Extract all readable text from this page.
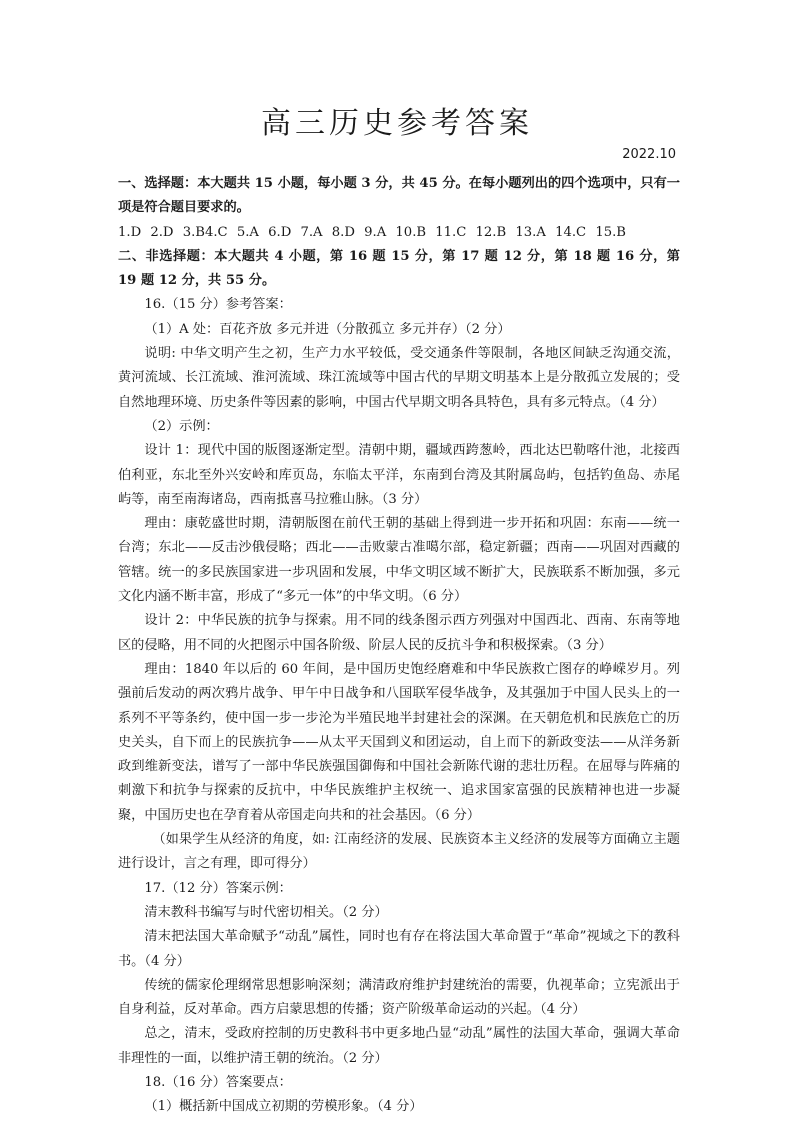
高三历史参考答案
2022.10

一、选择题：本大题共 15 小题，每小题 3 分，共 45 分。在每小题列出的四个选项中，只有一项是符合题目要求的。

1.D 2.D 3.B4.C 5.A 6.D 7.A 8.D 9.A 10.B 11.C 12.B 13.A 14.C 15.B

二、非选择题：本大题共 4 小题，第 16 题 15 分，第 17 题 12 分，第 18 题 16 分，第 19 题 12 分，共 55 分。

16.（15 分）参考答案：

（1）A 处：百花齐放 多元并进（分散孤立 多元并存）（2 分）

说明: 中华文明产生之初，生产力水平较低，受交通条件等限制，各地区间缺乏沟通交流，黄河流域、长江流域、淮河流域、珠江流域等中国古代的早期文明基本上是分散孤立发展的；受自然地理环境、历史条件等因素的影响，中国古代早期文明各具特色，具有多元特点。（4 分）

（2）示例：

设计 1：现代中国的版图逐渐定型。清朝中期，疆域西跨葱岭，西北达巴勒喀什池，北接西伯利亚，东北至外兴安岭和库页岛，东临太平洋，东南到台湾及其附属岛屿，包括钓鱼岛、赤尾屿等，南至南海诸岛，西南抵喜马拉雅山脉。（3 分）

理由：康乾盛世时期，清朝版图在前代王朝的基础上得到进一步开拓和巩固：东南——统一台湾；东北——反击沙俄侵略；西北——击败蒙古准噶尔部，稳定新疆；西南——巩固对西藏的管辖。统一的多民族国家进一步巩固和发展，中华文明区域不断扩大，民族联系不断加强，多元文化内涵不断丰富，形成了“多元一体”的中华文明。（6 分）

设计 2：中华民族的抗争与探索。用不同的线条图示西方列强对中国西北、西南、东南等地区的侵略，用不同的火把图示中国各阶级、阶层人民的反抗斗争和积极探索。（3 分）

理由：1840 年以后的 60 年间，是中国历史饱经磨难和中华民族救亡图存的峥嵘岁月。列强前后发动的两次鸦片战争、甲午中日战争和八国联军侵华战争，及其强加于中国人民头上的一系列不平等条约，使中国一步一步沦为半殖民地半封建社会的深渊。在天朝危机和民族危亡的历史关头，自下而上的民族抗争——从太平天国到义和团运动，自上而下的新政变法——从洋务新政到维新变法，谱写了一部中华民族强国御侮和中国社会新陈代谢的悲壮历程。在屈辱与阵痛的刺激下和抗争与探索的反抗中，中华民族维护主权统一、追求国家富强的民族精神也进一步凝聚，中国历史也在孕育着从帝国走向共和的社会基因。（6 分）

（如果学生从经济的角度，如: 江南经济的发展、民族资本主义经济的发展等方面确立主题进行设计，言之有理，即可得分）

17.（12 分）答案示例：

清末教科书编写与时代密切相关。（2 分）

清末把法国大革命赋予“动乱”属性，同时也有存在将法国大革命置于“革命”视域之下的教科书。（4 分）

传统的儒家伦理纲常思想影响深刻；满清政府维护封建统治的需要，仇视革命；立宪派出于自身利益，反对革命。西方启蒙思想的传播；资产阶级革命运动的兴起。（4 分）

总之，清末，受政府控制的历史教科书中更多地凸显“动乱”属性的法国大革命，强调大革命非理性的一面，以维护清王朝的统治。（2 分）

18.（16 分）答案要点：

（1）概括新中国成立初期的劳模形象。（4 分）
